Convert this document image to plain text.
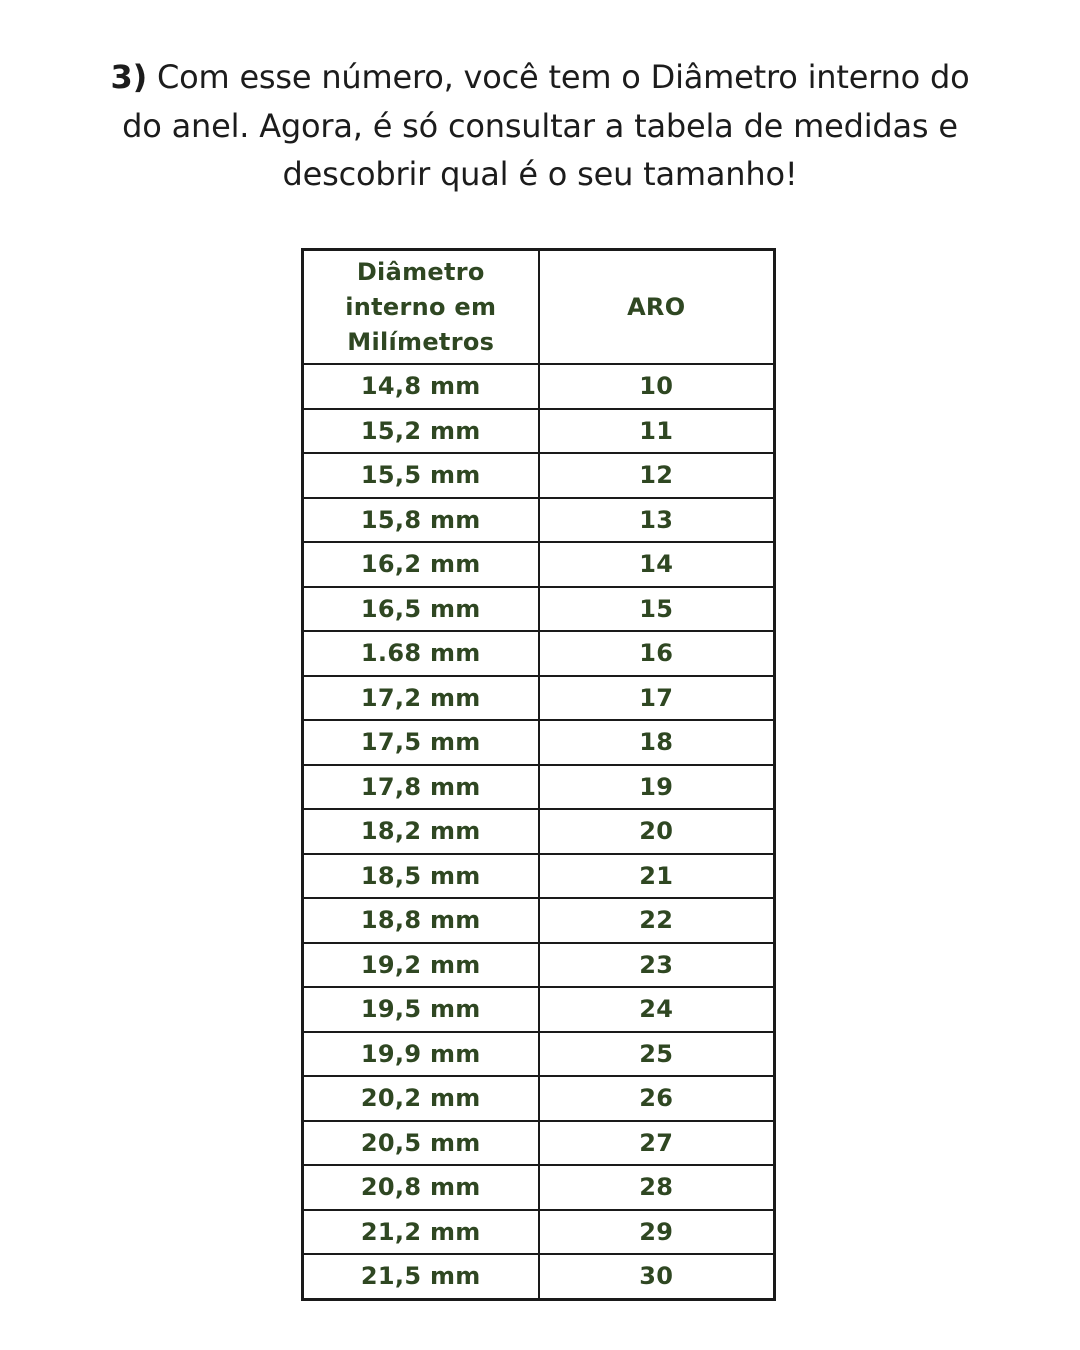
3) Com esse número, você tem o Diâmetro interno do
do anel. Agora, é só consultar a tabela de medidas e
descobrir qual é o seu tamanho!
Diâmetro
interno em
Milímetros	ARO
14,8 mm	10
15,2 mm	11
15,5 mm	12
15,8 mm	13
16,2 mm	14
16,5 mm	15
1.68 mm	16
17,2 mm	17
17,5 mm	18
17,8 mm	19
18,2 mm	20
18,5 mm	21
18,8 mm	22
19,2 mm	23
19,5 mm	24
19,9 mm	25
20,2 mm	26
20,5 mm	27
20,8 mm	28
21,2 mm	29
21,5 mm	30
